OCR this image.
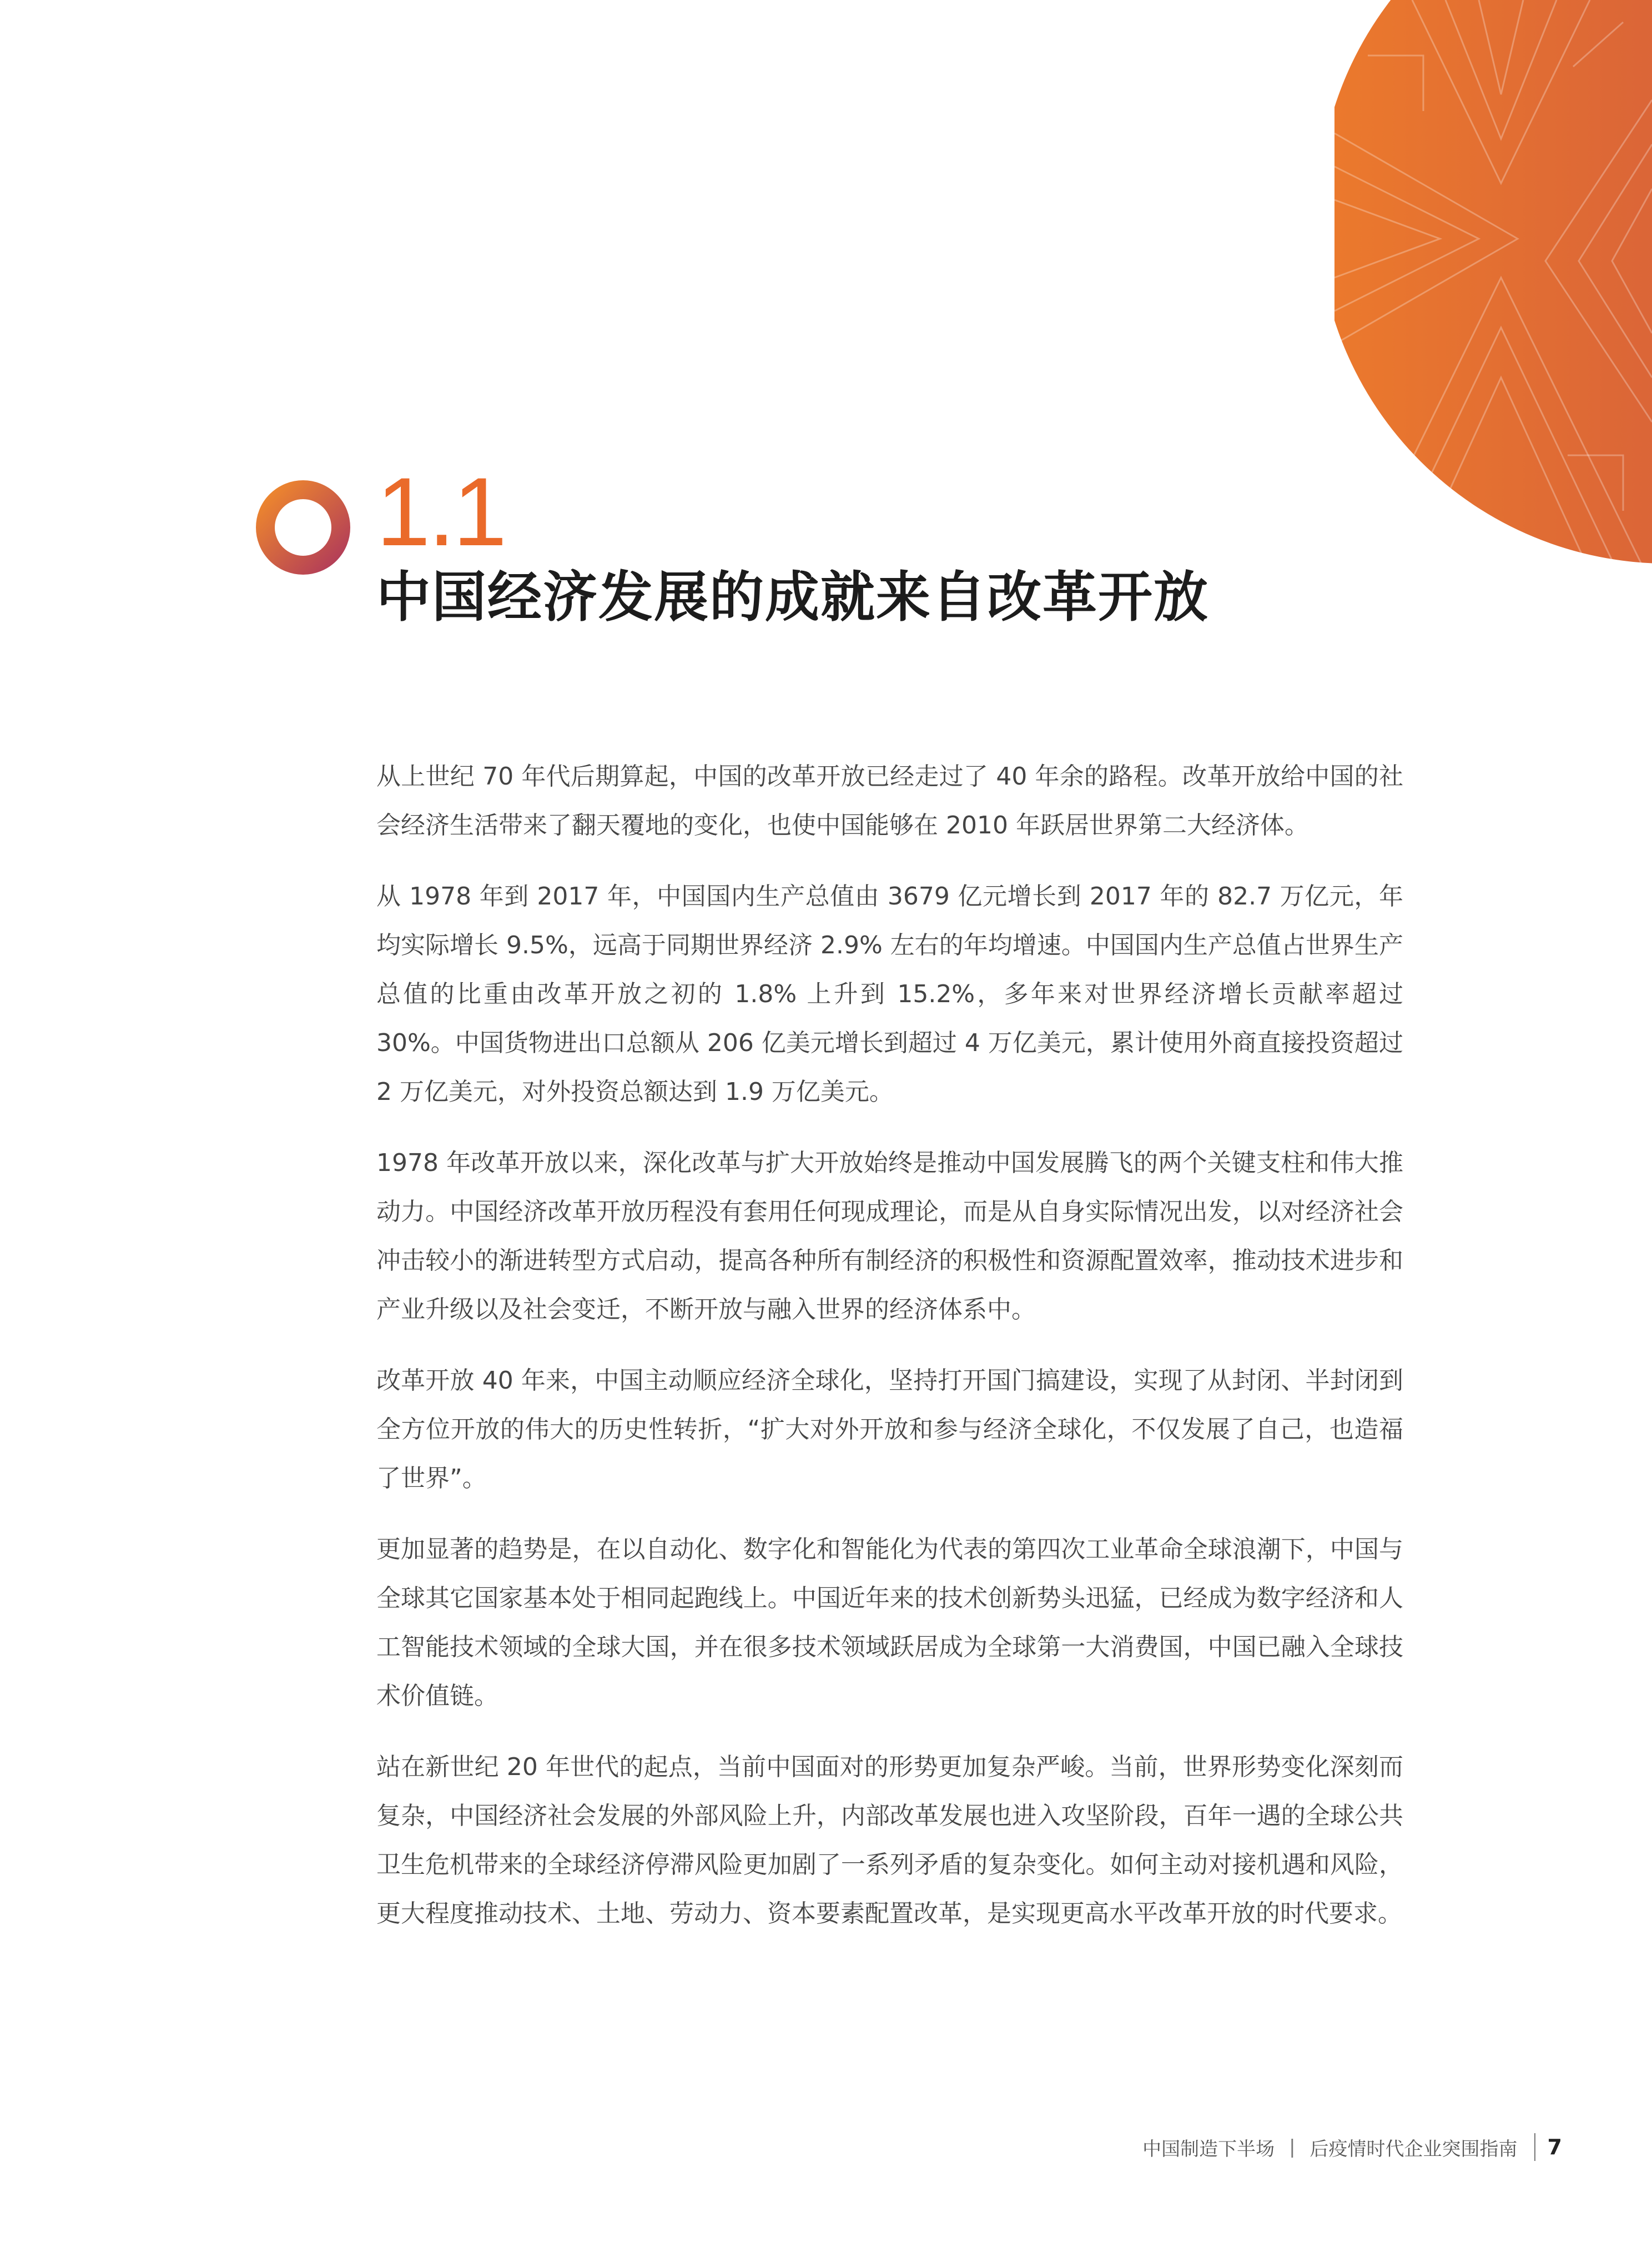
1.1
中国经济发展的成就来自改革开放

从上世纪 70 年代后期算起，中国的改革开放已经走过了 40 年余的路程。改革开放给中国的社会经济生活带来了翻天覆地的变化，也使中国能够在 2010 年跃居世界第二大经济体。

从 1978 年到 2017 年，中国国内生产总值由 3679 亿元增长到 2017 年的 82.7 万亿元，年均实际增长 9.5%，远高于同期世界经济 2.9% 左右的年均增速。中国国内生产总值占世界生产总值的比重由改革开放之初的 1.8% 上升到 15.2%，多年来对世界经济增长贡献率超过 30%。中国货物进出口总额从 206 亿美元增长到超过 4 万亿美元，累计使用外商直接投资超过 2 万亿美元，对外投资总额达到 1.9 万亿美元。

1978 年改革开放以来，深化改革与扩大开放始终是推动中国发展腾飞的两个关键支柱和伟大推动力。中国经济改革开放历程没有套用任何现成理论，而是从自身实际情况出发，以对经济社会冲击较小的渐进转型方式启动，提高各种所有制经济的积极性和资源配置效率，推动技术进步和产业升级以及社会变迁，不断开放与融入世界的经济体系中。

改革开放 40 年来，中国主动顺应经济全球化，坚持打开国门搞建设，实现了从封闭、半封闭到全方位开放的伟大的历史性转折，“扩大对外开放和参与经济全球化，不仅发展了自己，也造福了世界”。

更加显著的趋势是，在以自动化、数字化和智能化为代表的第四次工业革命全球浪潮下，中国与全球其它国家基本处于相同起跑线上。中国近年来的技术创新势头迅猛，已经成为数字经济和人工智能技术领域的全球大国，并在很多技术领域跃居成为全球第一大消费国，中国已融入全球技术价值链。

站在新世纪 20 年世代的起点，当前中国面对的形势更加复杂严峻。当前，世界形势变化深刻而复杂，中国经济社会发展的外部风险上升，内部改革发展也进入攻坚阶段，百年一遇的全球公共卫生危机带来的全球经济停滞风险更加剧了一系列矛盾的复杂变化。如何主动对接机遇和风险，更大程度推动技术、土地、劳动力、资本要素配置改革，是实现更高水平改革开放的时代要求。

中国制造下半场 | 后疫情时代企业突围指南 7
